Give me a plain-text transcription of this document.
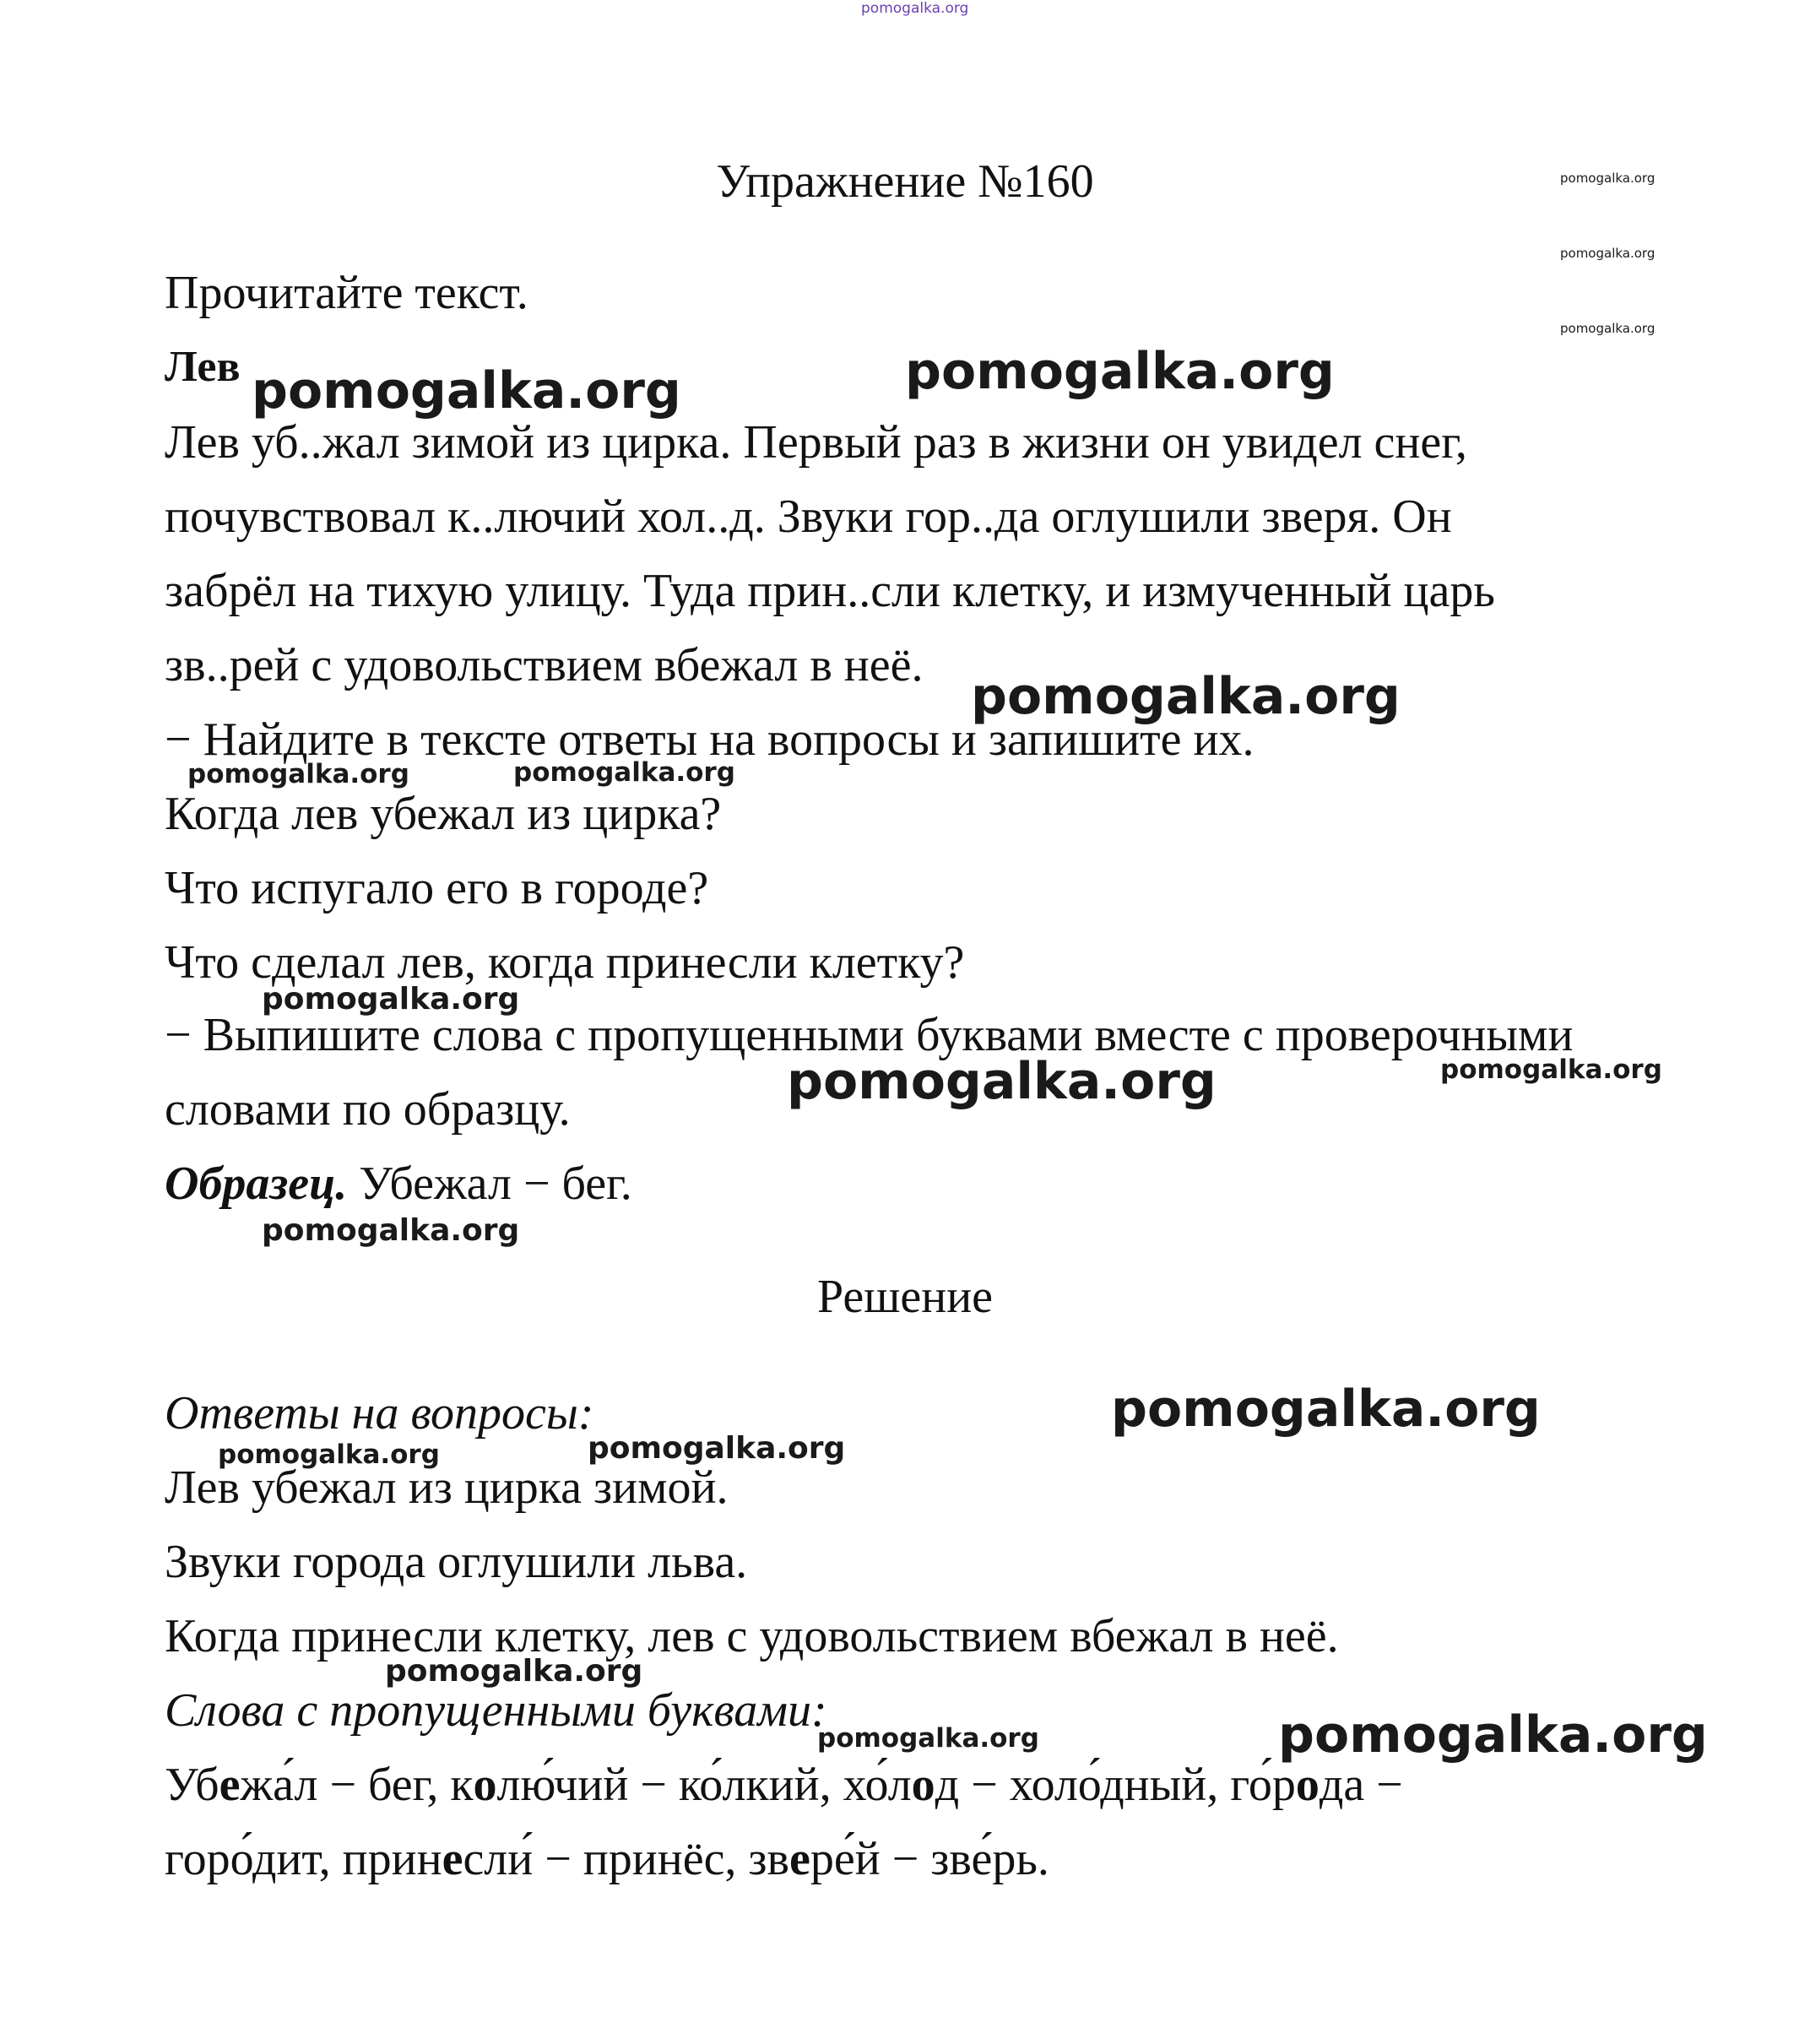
pomogalka.org
Упражнение №160	pomogalka.org
pomogalka.org
pomogalka.org
Прочитайте текст.
Лев pomogalka.org	pomogalka.org
Лев уб..жал зимой из цирка. Первый раз в жизни он увидел снег,
почувствовал к..лючий хол..д. Звуки гор..да оглушили зверя. Он
забрёл на тихую улицу. Туда прин..сли клетку, и измученный царь
зв..рей с удовольствием вбежал в неё.
pomogalka.org
− Найдите в тексте ответы на вопросы и запишите их.
pomogalka.org	pomogalka.org
Когда лев убежал из цирка?
Что испугало его в городе?
Что сделал лев, когда принесли клетку?
pomogalka.org
− Выпишите слова с пропущенными буквами вместе с проверочными
pomogalka.org	pomogalka.org
словами по образцу.
Образец. Убежал − бег.
pomogalka.org
Решение
Ответы на вопросы:	pomogalka.org
pomogalka.org	pomogalka.org
Лев убежал из цирка зимой.
Звуки города оглушили льва.
Когда принесли клетку, лев с удовольствием вбежал в неё.
pomogalka.org
Слова с пропущенными буквами:
pomogalka.org	pomogalka.org
Убежа́л − бег, колю́чий − ко́лкий, хо́лод − холо́дный, го́рода −
горо́дит, принесли́ − принёс, звере́й − зве́рь.
